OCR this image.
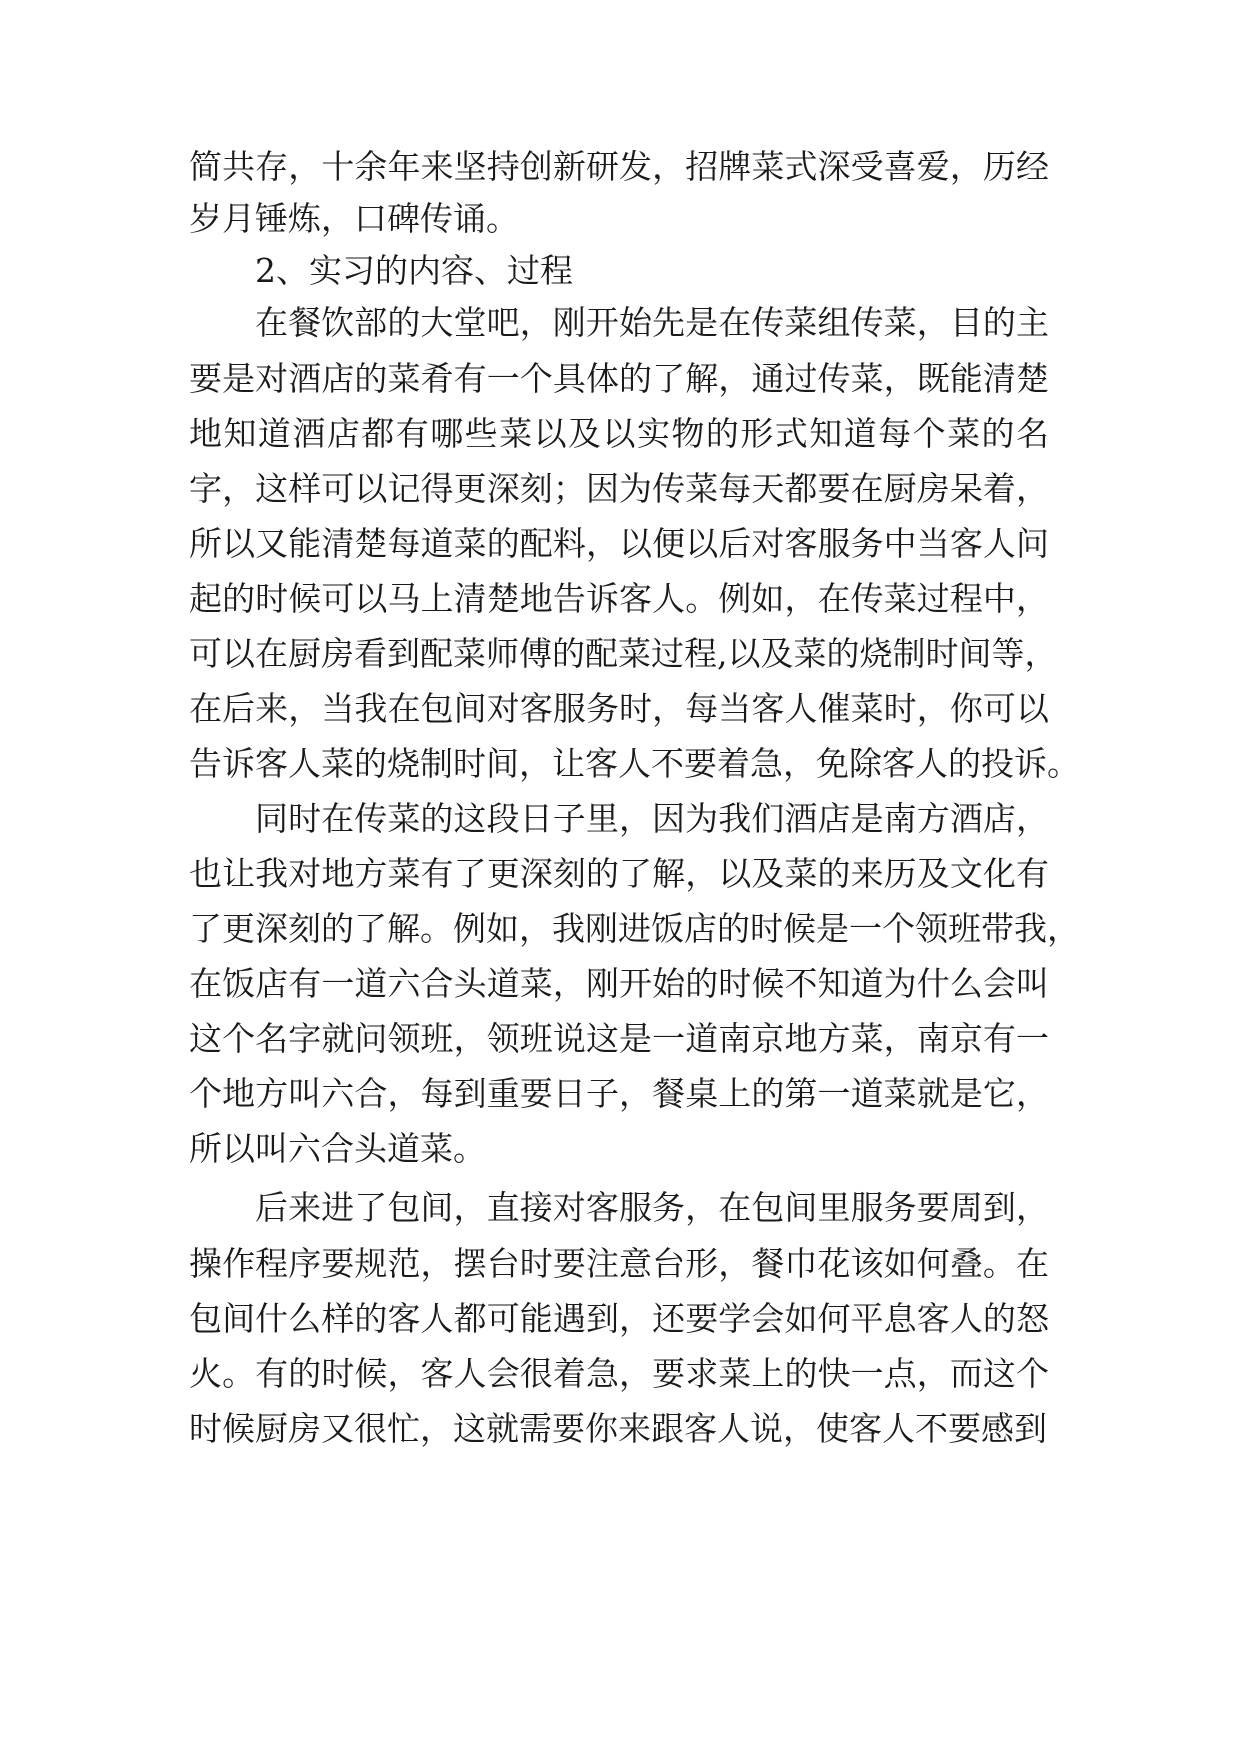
简共存，十余年来坚持创新研发，招牌菜式深受喜爱，历经
岁月锤炼，口碑传诵。
2、实习的内容、过程
在餐饮部的大堂吧，刚开始先是在传菜组传菜，目的主
要是对酒店的菜肴有一个具体的了解，通过传菜，既能清楚
地知道酒店都有哪些菜以及以实物的形式知道每个菜的名
字，这样可以记得更深刻；因为传菜每天都要在厨房呆着，
所以又能清楚每道菜的配料，以便以后对客服务中当客人问
起的时候可以马上清楚地告诉客人。例如，在传菜过程中，
可以在厨房看到配菜师傅的配菜过程,以及菜的烧制时间等，
在后来，当我在包间对客服务时，每当客人催菜时，你可以
告诉客人菜的烧制时间，让客人不要着急，免除客人的投诉。
同时在传菜的这段日子里，因为我们酒店是南方酒店，
也让我对地方菜有了更深刻的了解，以及菜的来历及文化有
了更深刻的了解。例如，我刚进饭店的时候是一个领班带我，
在饭店有一道六合头道菜，刚开始的时候不知道为什么会叫
这个名字就问领班，领班说这是一道南京地方菜，南京有一
个地方叫六合，每到重要日子，餐桌上的第一道菜就是它，
所以叫六合头道菜。
后来进了包间，直接对客服务，在包间里服务要周到，
操作程序要规范，摆台时要注意台形，餐巾花该如何叠。在
包间什么样的客人都可能遇到，还要学会如何平息客人的怒
火。有的时候，客人会很着急，要求菜上的快一点，而这个
时候厨房又很忙，这就需要你来跟客人说，使客人不要感到
